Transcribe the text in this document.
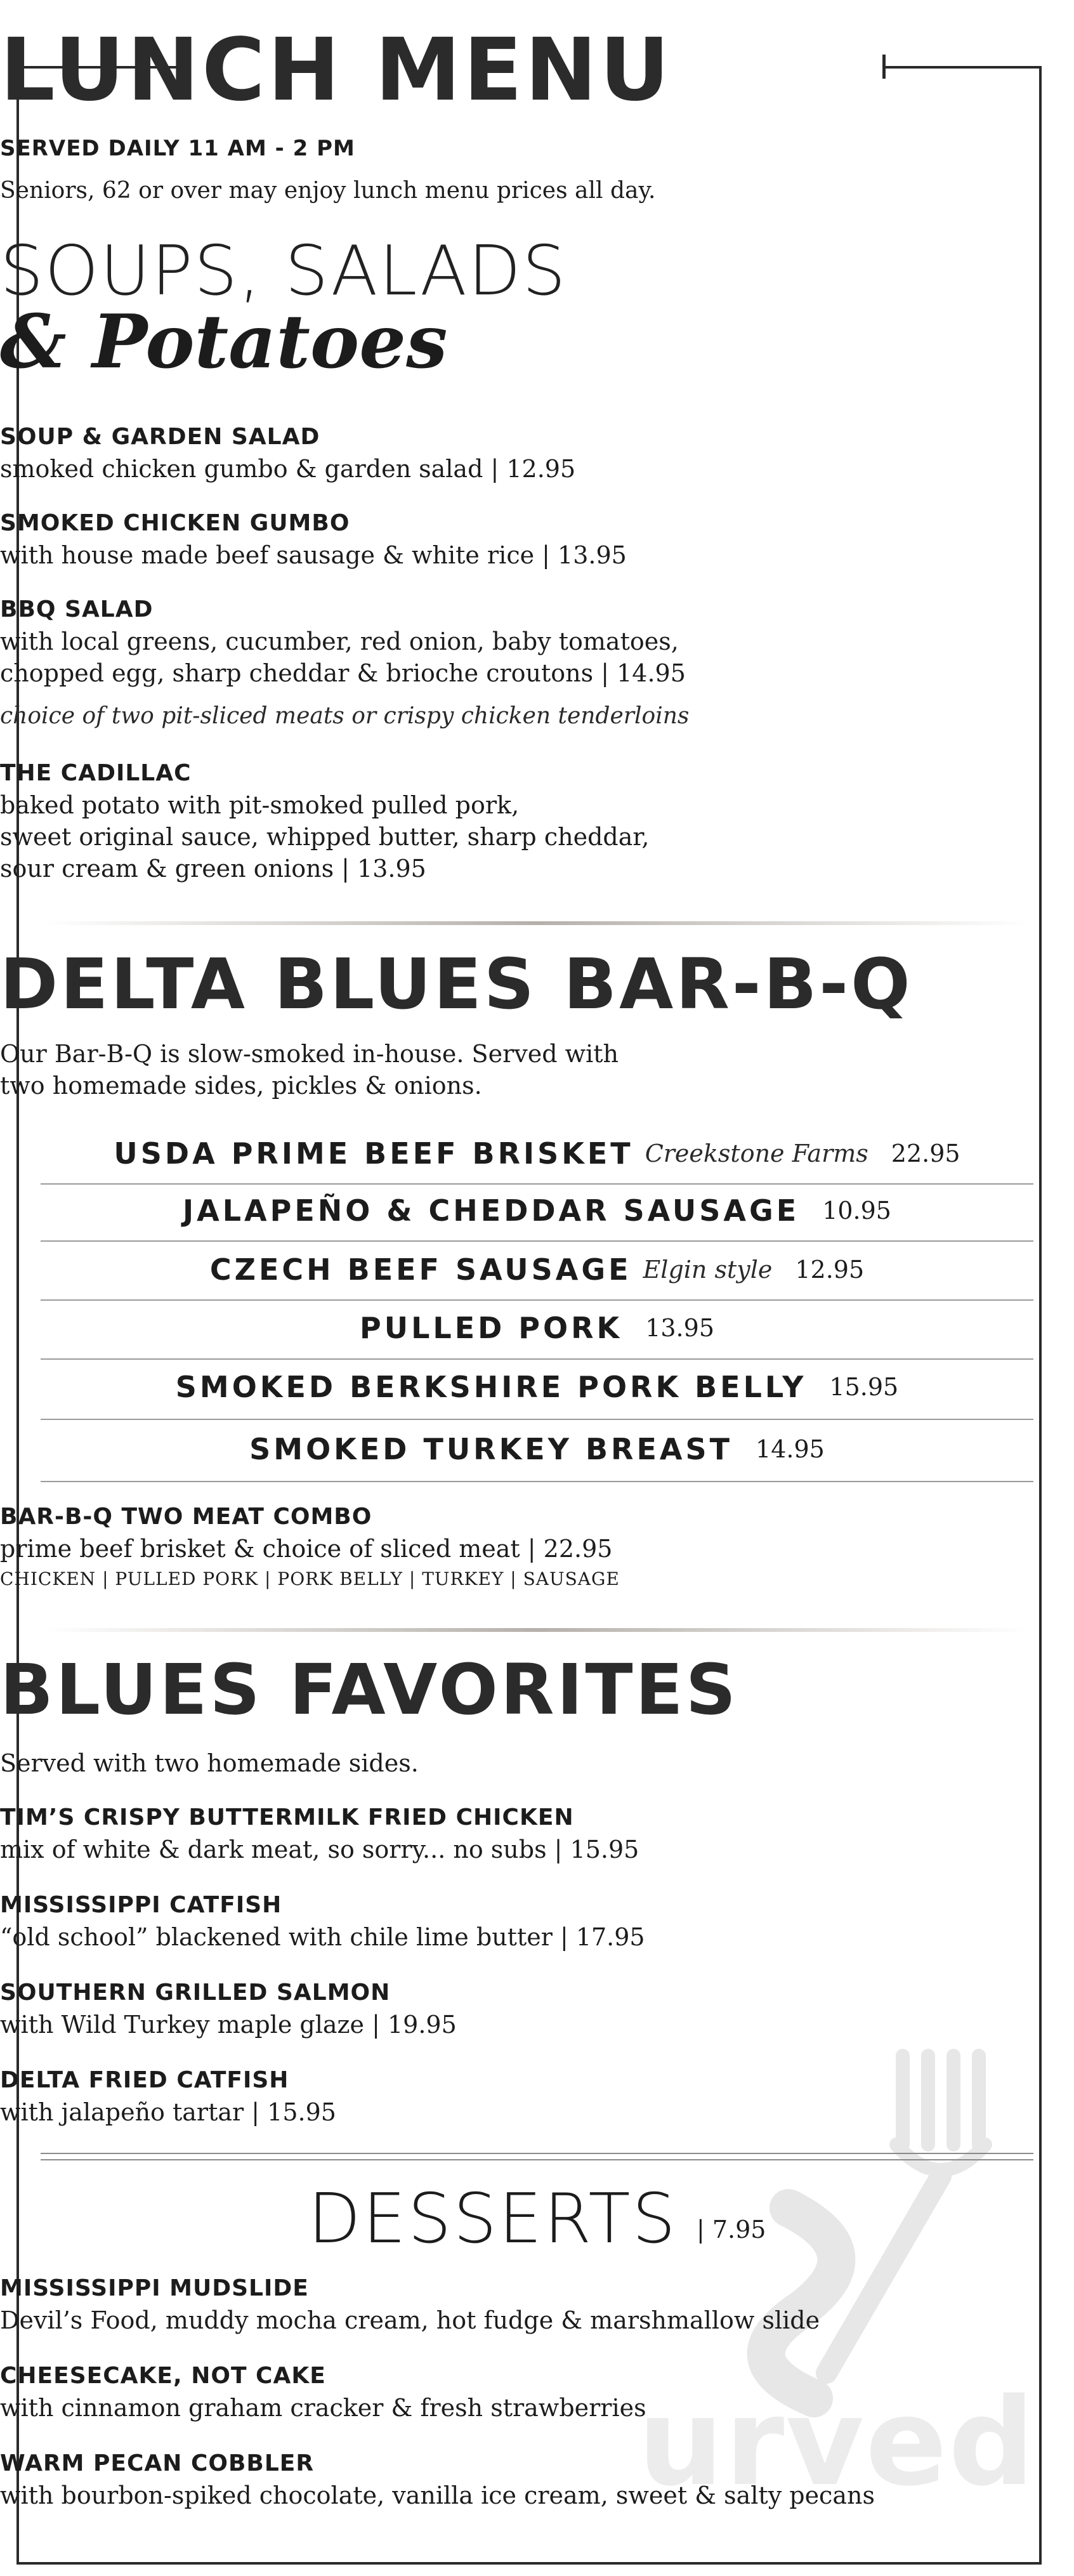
urved
LUNCH MENU
SERVED DAILY 11 AM - 2 PM
Seniors, 62 or over may enjoy lunch menu prices all day.
SOUPS, SALADS
& Potatoes
SOUP & GARDEN SALAD
smoked chicken gumbo & garden salad | 12.95
SMOKED CHICKEN GUMBO
with house made beef sausage & white rice | 13.95
BBQ SALAD
with local greens, cucumber, red onion, baby tomatoes,
chopped egg, sharp cheddar & brioche croutons | 14.95
choice of two pit-sliced meats or crispy chicken tenderloins
THE CADILLAC
baked potato with pit-smoked pulled pork,
sweet original sauce, whipped butter, sharp cheddar,
sour cream & green onions | 13.95
DELTA BLUES BAR-B-Q
Our Bar-B-Q is slow-smoked in-house. Served with
two homemade sides, pickles & onions.
USDA PRIME BEEF BRISKET Creekstone Farms 22.95
JALAPEÑO & CHEDDAR SAUSAGE 10.95
CZECH BEEF SAUSAGE Elgin style 12.95
PULLED PORK 13.95
SMOKED BERKSHIRE PORK BELLY 15.95
SMOKED TURKEY BREAST 14.95
BAR-B-Q TWO MEAT COMBO
prime beef brisket & choice of sliced meat | 22.95
CHICKEN | PULLED PORK | PORK BELLY | TURKEY | SAUSAGE
BLUES FAVORITES
Served with two homemade sides.
TIM’S CRISPY BUTTERMILK FRIED CHICKEN
mix of white & dark meat, so sorry... no subs | 15.95
MISSISSIPPI CATFISH
“old school” blackened with chile lime butter | 17.95
SOUTHERN GRILLED SALMON
with Wild Turkey maple glaze | 19.95
DELTA FRIED CATFISH
with jalapeño tartar | 15.95
DESSERTS | 7.95
MISSISSIPPI MUDSLIDE
Devil’s Food, muddy mocha cream, hot fudge & marshmallow slide
CHEESECAKE, NOT CAKE
with cinnamon graham cracker & fresh strawberries
WARM PECAN COBBLER
with bourbon-spiked chocolate, vanilla ice cream, sweet & salty pecans
